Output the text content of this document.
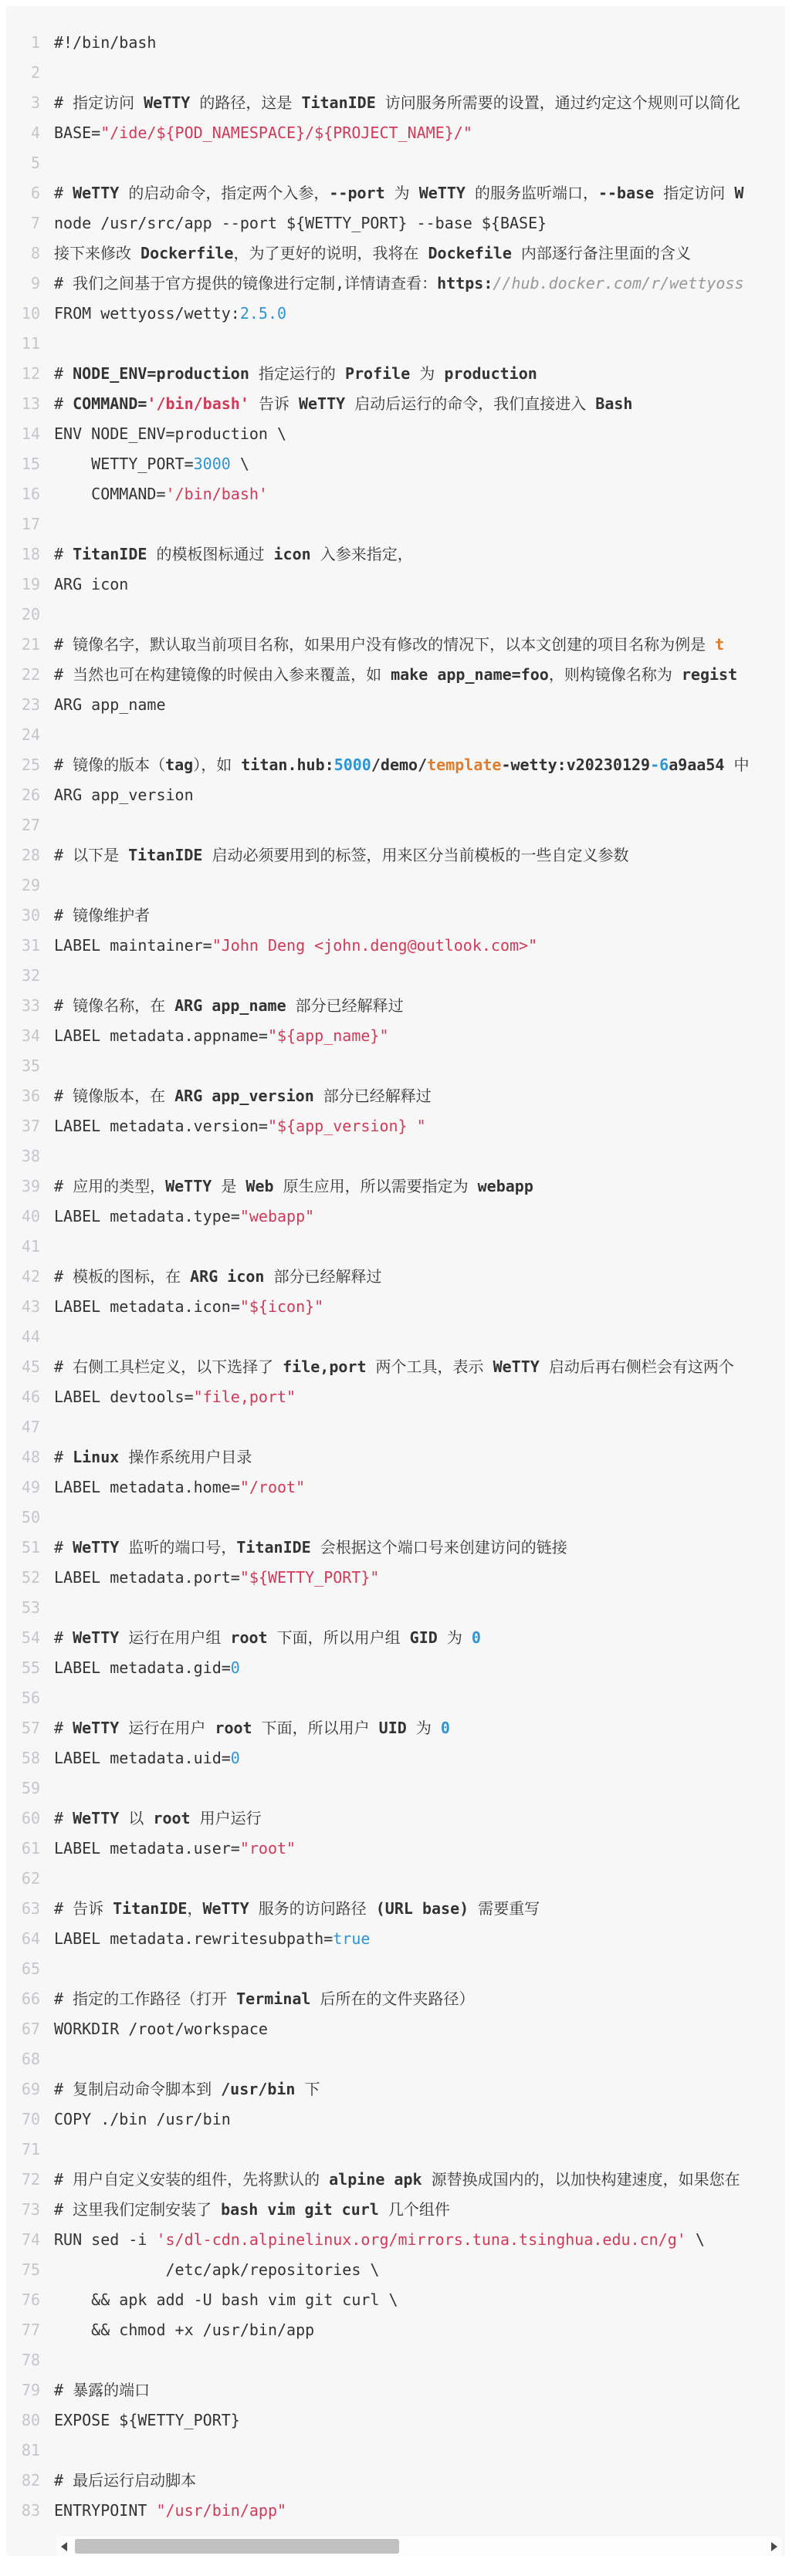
1
2
3
4
5
6
7
8
9
10
11
12
13
14
15
16
17
18
19
20
21
22
23
24
25
26
27
28
29
30
31
32
33
34
35
36
37
38
39
40
41
42
43
44
45
46
47
48
49
50
51
52
53
54
55
56
57
58
59
60
61
62
63
64
65
66
67
68
69
70
71
72
73
74
75
76
77
78
79
80
81
82
83
#!/bin/bash
# 指定访问 WeTTY 的路径，这是 TitanIDE 访问服务所需要的设置，通过约定这个规则可以简化
BASE="/ide/${POD_NAMESPACE}/${PROJECT_NAME}/"
# WeTTY 的启动命令，指定两个入参，--port 为 WeTTY 的服务监听端口，--base 指定访问 W
node /usr/src/app --port ${WETTY_PORT} --base ${BASE}
接下来修改 Dockerfile，为了更好的说明，我将在 Dockefile 内部逐行备注里面的含义
# 我们之间基于官方提供的镜像进行定制,详情请查看：https://hub.docker.com/r/wettyoss
FROM wettyoss/wetty:2.5.0
# NODE_ENV=production 指定运行的 Profile 为 production
# COMMAND='/bin/bash' 告诉 WeTTY 启动后运行的命令，我们直接进入 Bash
ENV NODE_ENV=production \
WETTY_PORT=3000 \
COMMAND='/bin/bash'
# TitanIDE 的模板图标通过 icon 入参来指定，
ARG icon
# 镜像名字，默认取当前项目名称，如果用户没有修改的情况下，以本文创建的项目名称为例是 t
# 当然也可在构建镜像的时候由入参来覆盖，如 make app_name=foo，则构镜像名称为 regist
ARG app_name
# 镜像的版本（tag），如 titan.hub:5000/demo/template-wetty:v20230129-6a9aa54 中
ARG app_version
# 以下是 TitanIDE 启动必须要用到的标签，用来区分当前模板的一些自定义参数
# 镜像维护者
LABEL maintainer="John Deng <john.deng@outlook.com>"
# 镜像名称，在 ARG app_name 部分已经解释过
LABEL metadata.appname="${app_name}"
# 镜像版本，在 ARG app_version 部分已经解释过
LABEL metadata.version="${app_version} "
# 应用的类型，WeTTY 是 Web 原生应用，所以需要指定为 webapp
LABEL metadata.type="webapp"
# 模板的图标，在 ARG icon 部分已经解释过
LABEL metadata.icon="${icon}"
# 右侧工具栏定义，以下选择了 file,port 两个工具，表示 WeTTY 启动后再右侧栏会有这两个
LABEL devtools="file,port"
# Linux 操作系统用户目录
LABEL metadata.home="/root"
# WeTTY 监听的端口号，TitanIDE 会根据这个端口号来创建访问的链接
LABEL metadata.port="${WETTY_PORT}"
# WeTTY 运行在用户组 root 下面，所以用户组 GID 为 0
LABEL metadata.gid=0
# WeTTY 运行在用户 root 下面，所以用户 UID 为 0
LABEL metadata.uid=0
# WeTTY 以 root 用户运行
LABEL metadata.user="root"
# 告诉 TitanIDE，WeTTY 服务的访问路径 (URL base) 需要重写
LABEL metadata.rewritesubpath=true
# 指定的工作路径（打开 Terminal 后所在的文件夹路径）
WORKDIR /root/workspace
# 复制启动命令脚本到 /usr/bin 下
COPY ./bin /usr/bin
# 用户自定义安装的组件，先将默认的 alpine apk 源替换成国内的，以加快构建速度，如果您在
# 这里我们定制安装了 bash vim git curl 几个组件
RUN sed -i 's/dl-cdn.alpinelinux.org/mirrors.tuna.tsinghua.edu.cn/g' \
/etc/apk/repositories \
&& apk add -U bash vim git curl \
&& chmod +x /usr/bin/app
# 暴露的端口
EXPOSE ${WETTY_PORT}
# 最后运行启动脚本
ENTRYPOINT "/usr/bin/app"
